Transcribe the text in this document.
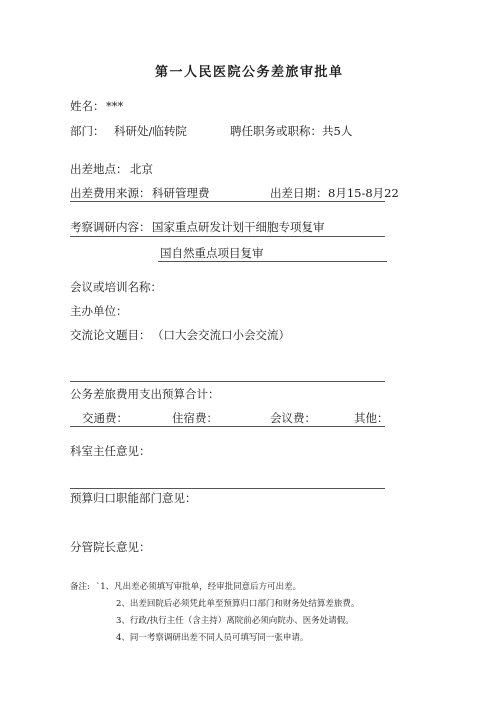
第一人民医院公务差旅审批单
姓名： ***
部门： 科研处/临转院	聘任职务或职称： 共5人
出差地点： 北京
出差费用来源： 科研管理费	出差日期： 8月15-8月22
考察调研内容： 国家重点研发计划干细胞专项复审
国自然重点项目复审
会议或培训名称：
主办单位：
交流论文题目： （口大会交流口小会交流）
公务差旅费用支出预算合计：
交通费：	住宿费：	会议费：	其他：
科室主任意见：
预算归口职能部门意见：
分管院长意见：
备注: `1、凡出差必须填写审批单，经审批同意后方可出差。
2、出差回院后必须凭此单至预算归口部门和财务处结算差旅费。
3、行政/执行主任（含主持）离院前必须向院办、医务处请假。
4、同一考察调研出差不同人员可填写同一张申请。
